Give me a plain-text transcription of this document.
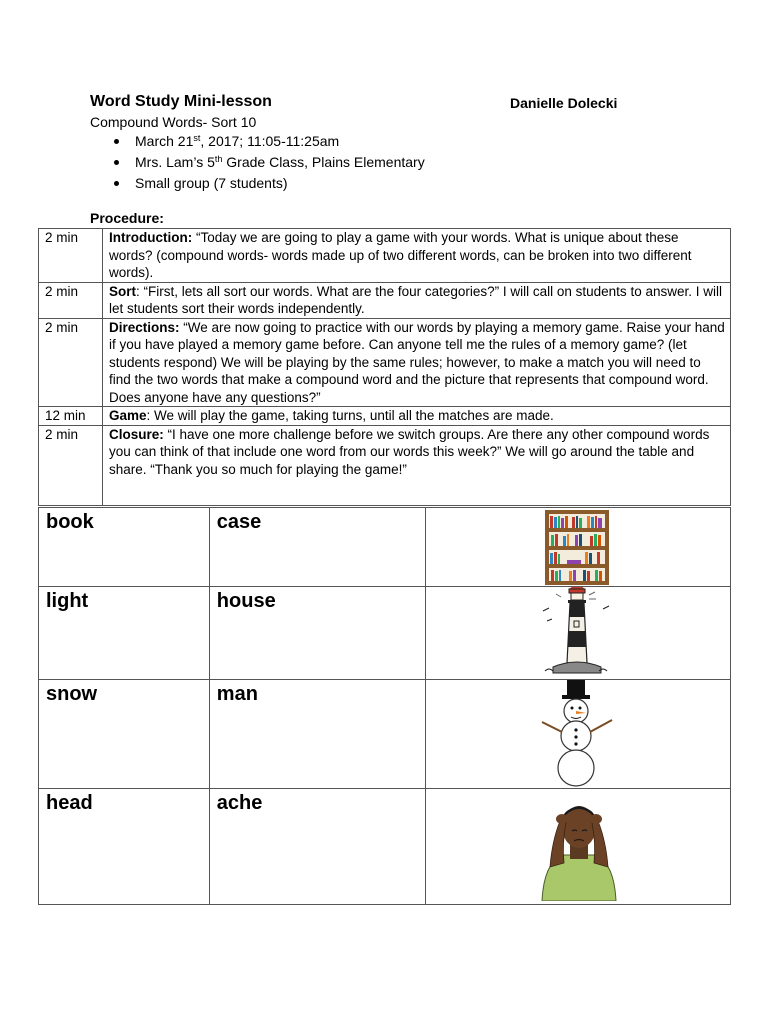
Word Study Mini-lesson	Danielle Dolecki
Compound Words- Sort 10
March 21st, 2017; 11:05-11:25am
Mrs. Lam’s 5th Grade Class, Plains Elementary
Small group (7 students)
Procedure:
2 min	Introduction: “Today we are going to play a game with your words. What is unique about these words? (compound words- words made up of two different words, can be broken into two different words).
2 min	Sort: “First, lets all sort our words. What are the four categories?” I will call on students to answer. I will let students sort their words independently.
2 min	Directions: “We are now going to practice with our words by playing a memory game. Raise your hand if you have played a memory game before. Can anyone tell me the rules of a memory game? (let students respond) We will be playing by the same rules; however, to make a match you will need to find the two words that make a compound word and the picture that represents that compound word. Does anyone have any questions?”
12 min	Game: We will play the game, taking turns, until all the matches are made.
2 min	Closure: “I have one more challenge before we switch groups. Are there any other compound words you can think of that include one word from our words this week?” We will go around the table and share. “Thank you so much for playing the game!”
book	case

light	house

snow	man

head	ache
